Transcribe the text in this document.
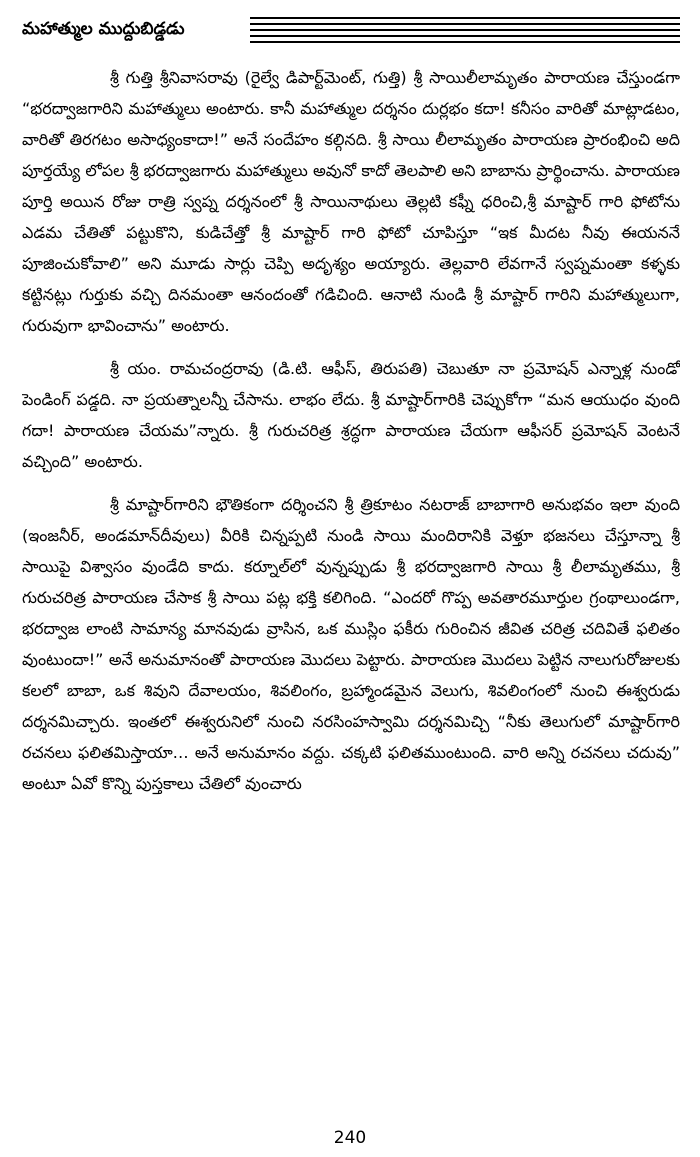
మహాత్ముల ముద్దుబిడ్డడు

శ్రీ గుత్తి శ్రీనివాసరావు (రైల్వే డిపార్ట్‌మెంట్, గుత్తి) శ్రీ సాయిలీలామృతం పారాయణ చేస్తుండగా “భరద్వాజగారిని మహాత్ములు అంటారు. కానీ మహాత్ముల దర్శనం దుర్లభం కదా! కనీసం వారితో మాట్లాడటం, వారితో తిరగటం అసాధ్యంకాదా!” అనే సందేహం కల్గినది. శ్రీ సాయి లీలామృతం పారాయణ ప్రారంభించి అది పూర్తయ్యే లోపల శ్రీ భరద్వాజగారు మహాత్ములు అవునో కాదో తెలపాలి అని బాబాను ప్రార్థించాను. పారాయణ పూర్తి అయిన రోజు రాత్రి స్వప్న దర్శనంలో శ్రీ సాయినాథులు తెల్లటి కఫ్నీ ధరించి,శ్రీ మాష్టార్ గారి ఫోటోను ఎడమ చేతితో పట్టుకొని, కుడిచేత్తో శ్రీ మాష్టార్ గారి ఫోటో చూపిస్తూ “ఇక మీదట నీవు ఈయననే పూజించుకోవాలి” అని మూడు సార్లు చెప్పి అదృశ్యం అయ్యారు. తెల్లవారి లేవగానే స్వప్నమంతా కళ్ళకు కట్టినట్లు గుర్తుకు వచ్చి దినమంతా ఆనందంతో గడిచింది. ఆనాటి నుండి శ్రీ మాష్టార్ గారిని మహాత్ములుగా, గురువుగా భావించాను” అంటారు.

శ్రీ యం. రామచంద్రరావు (డి.టి. ఆఫీస్, తిరుపతి) చెబుతూ నా ప్రమోషన్ ఎన్నాళ్ల నుండో పెండింగ్ పడ్డది. నా ప్రయత్నాలన్నీ చేసాను. లాభం లేదు. శ్రీ మాష్టార్‌గారికి చెప్పుకోగా “మన ఆయుధం వుంది గదా! పారాయణ చేయమ”న్నారు. శ్రీ గురుచరిత్ర శ్రద్ధగా పారాయణ చేయగా ఆఫీసర్ ప్రమోషన్ వెంటనే వచ్చింది” అంటారు.

శ్రీ మాష్టార్‌గారిని భౌతికంగా దర్శించని శ్రీ త్రికూటం నటరాజ్ బాబాగారి అనుభవం ఇలా వుంది (ఇంజనీర్, అండమాన్‌దీవులు) వీరికి చిన్నప్పటి నుండి సాయి మందిరానికి వెళ్తూ భజనలు చేస్తూన్నా శ్రీ సాయిపై విశ్వాసం వుండేది కాదు. కర్నూల్‌లో వున్నప్పుడు శ్రీ భరద్వాజగారి సాయి శ్రీ లీలామృతము, శ్రీ గురుచరిత్ర పారాయణ చేసాక శ్రీ సాయి పట్ల భక్తి కలిగింది. “ఎందరో గొప్ప అవతారమూర్తుల గ్రంథాలుండగా, భరద్వాజ లాంటి సామాన్య మానవుడు వ్రాసిన, ఒక ముస్లిం ఫకీరు గురించిన జీవిత చరిత్ర చదివితే ఫలితం వుంటుందా!” అనే అనుమానంతో పారాయణ మొదలు పెట్టారు. పారాయణ మొదలు పెట్టిన నాలుగురోజులకు కలలో బాబా, ఒక శివుని దేవాలయం, శివలింగం, బ్రహ్మాండమైన వెలుగు, శివలింగంలో నుంచి ఈశ్వరుడు దర్శనమిచ్చారు. ఇంతలో ఈశ్వరునిలో నుంచి నరసింహస్వామి దర్శనమిచ్చి “నీకు తెలుగులో మాష్టార్‌గారి రచనలు ఫలితమిస్తాయా… అనే అనుమానం వద్దు. చక్కటి ఫలితముంటుంది. వారి అన్ని రచనలు చదువు” అంటూ ఏవో కొన్ని పుస్తకాలు చేతిలో వుంచారు

240
